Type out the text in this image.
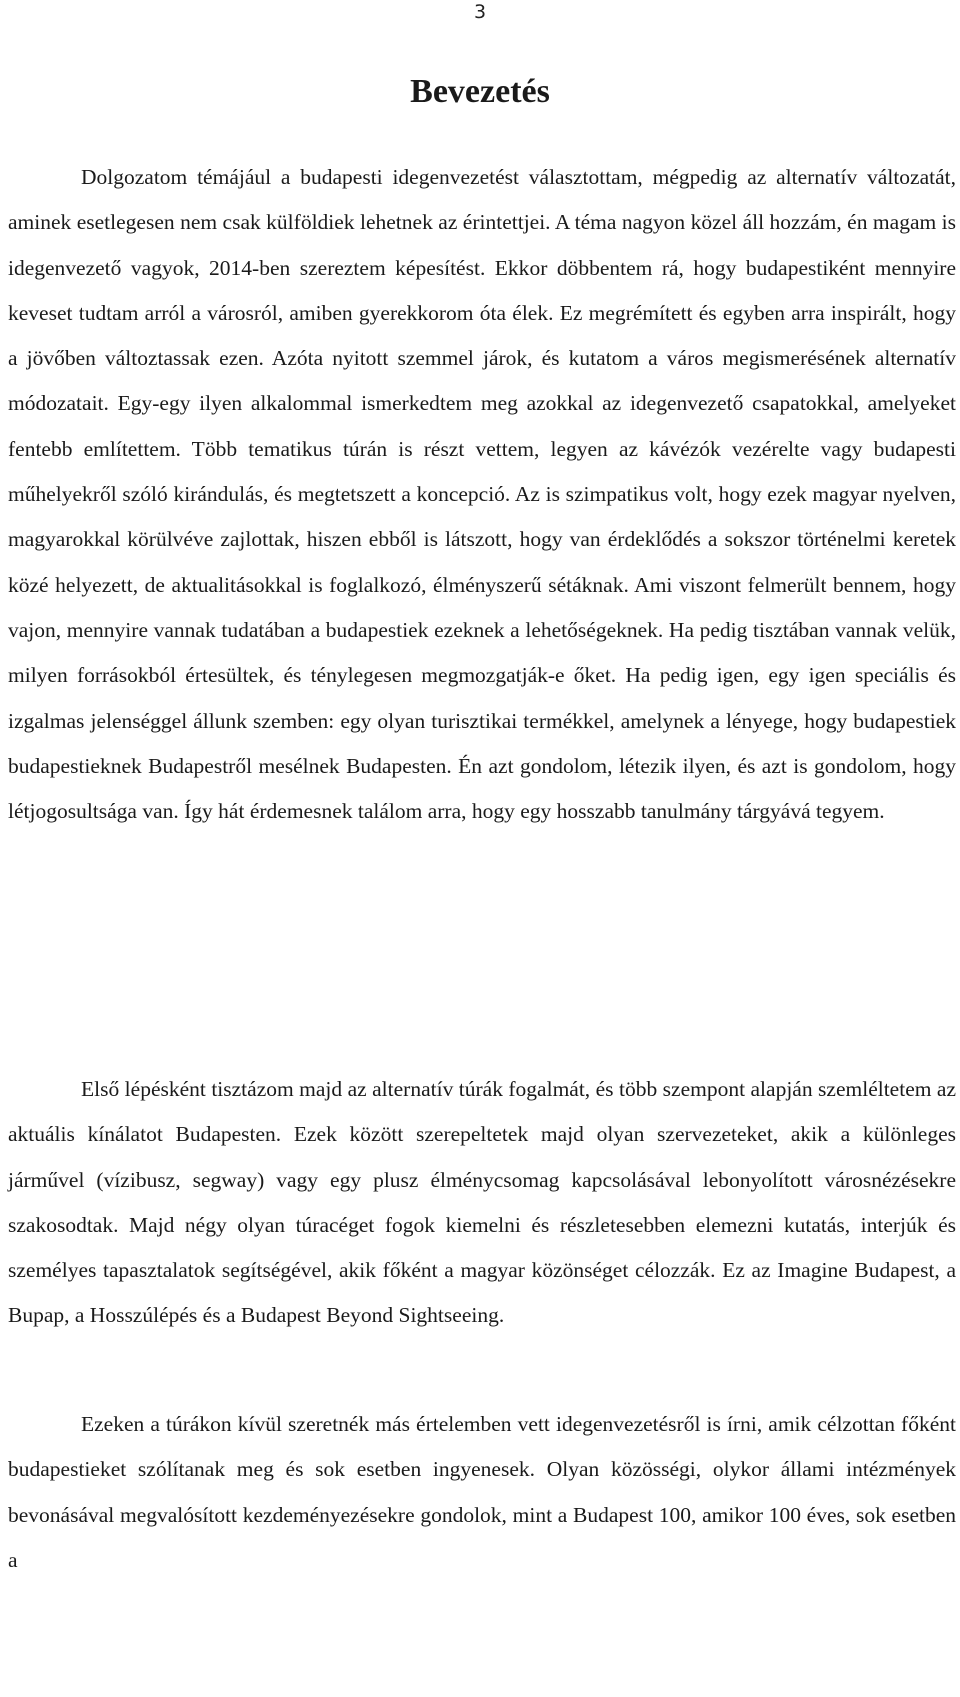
3
Bevezetés

Dolgozatom témájául a budapesti idegenvezetést választottam, mégpedig az alternatív változatát, aminek esetlegesen nem csak külföldiek lehetnek az érintettjei. A téma nagyon közel áll hozzám, én magam is idegenvezető vagyok, 2014-ben szereztem képesítést. Ekkor döbbentem rá, hogy budapestiként mennyire keveset tudtam arról a városról, amiben gyerekkorom óta élek. Ez megrémített és egyben arra inspirált, hogy a jövőben változtassak ezen. Azóta nyitott szemmel járok, és kutatom a város megismerésének alternatív módozatait. Egy-egy ilyen alkalommal ismerkedtem meg azokkal az idegenvezető csapatokkal, amelyeket fentebb említettem. Több tematikus túrán is részt vettem, legyen az kávézók vezérelte vagy budapesti műhelyekről szóló kirándulás, és megtetszett a koncepció. Az is szimpatikus volt, hogy ezek magyar nyelven, magyarokkal körülvéve zajlottak, hiszen ebből is látszott, hogy van érdeklődés a sokszor történelmi keretek közé helyezett, de aktualitásokkal is foglalkozó, élményszerű sétáknak. Ami viszont felmerült bennem, hogy vajon, mennyire vannak tudatában a budapestiek ezeknek a lehetőségeknek. Ha pedig tisztában vannak velük, milyen forrásokból értesültek, és ténylegesen megmozgatják-e őket. Ha pedig igen, egy igen speciális és izgalmas jelenséggel állunk szemben: egy olyan turisztikai termékkel, amelynek a lényege, hogy budapestiek budapestieknek Budapestről mesélnek Budapesten. Én azt gondolom, létezik ilyen, és azt is gondolom, hogy létjogosultsága van. Így hát érdemesnek találom arra, hogy egy hosszabb tanulmány tárgyává tegyem.

Első lépésként tisztázom majd az alternatív túrák fogalmát, és több szempont alapján szemléltetem az aktuális kínálatot Budapesten. Ezek között szerepeltetek majd olyan szervezeteket, akik a különleges járművel (vízibusz, segway) vagy egy plusz élménycsomag kapcsolásával lebonyolított városnézésekre szakosodtak. Majd négy olyan túracéget fogok kiemelni és részletesebben elemezni kutatás, interjúk és személyes tapasztalatok segítségével, akik főként a magyar közönséget célozzák. Ez az Imagine Budapest, a Bupap, a Hosszúlépés és a Budapest Beyond Sightseeing.

Ezeken a túrákon kívül szeretnék más értelemben vett idegenvezetésről is írni, amik célzottan főként budapestieket szólítanak meg és sok esetben ingyenesek. Olyan közösségi, olykor állami intézmények bevonásával megvalósított kezdeményezésekre gondolok, mint a Budapest 100, amikor 100 éves, sok esetben a
